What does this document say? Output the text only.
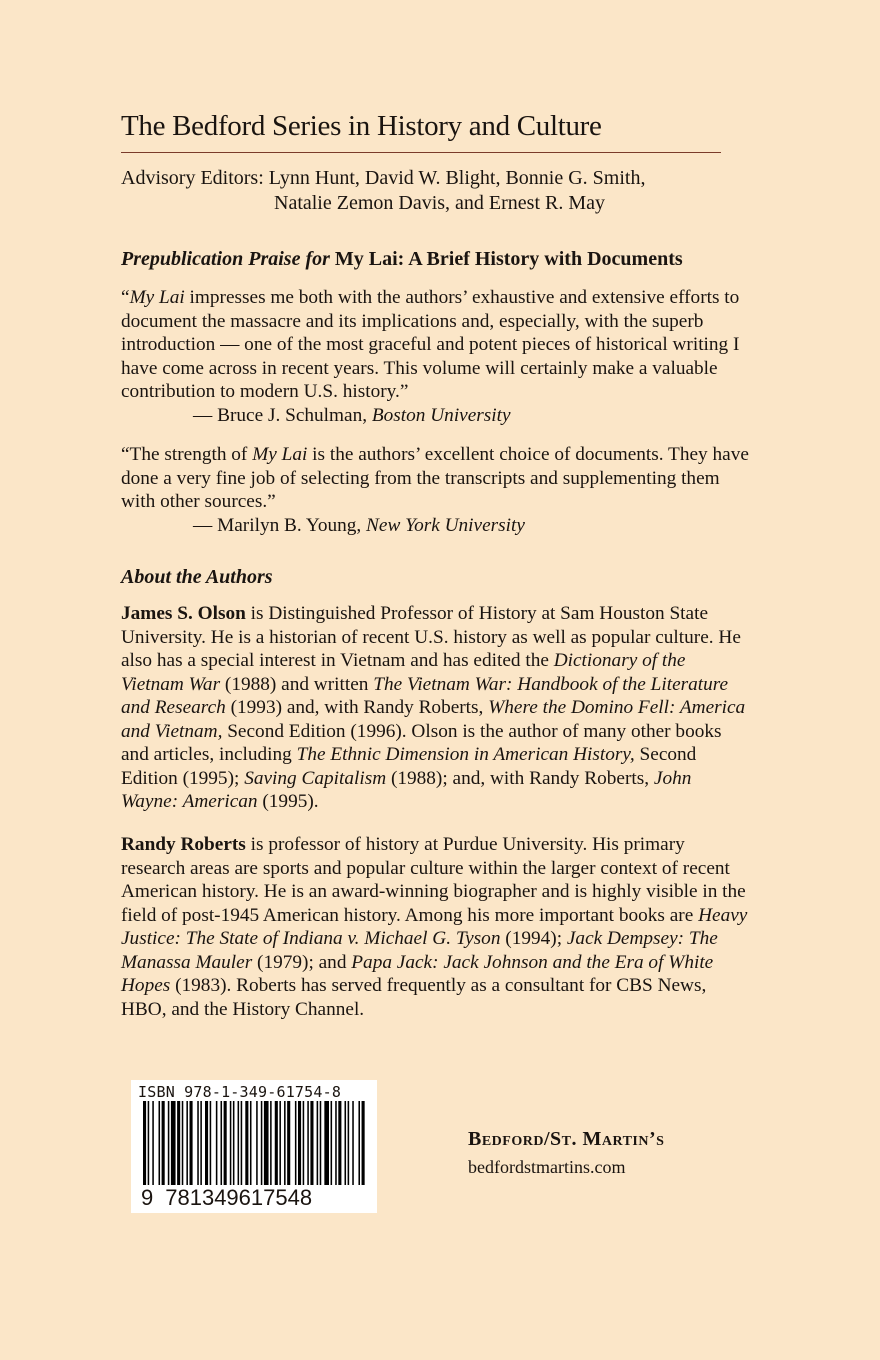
The Bedford Series in History and Culture
Advisory Editors: Lynn Hunt, David W. Blight, Bonnie G. Smith,
Natalie Zemon Davis, and Ernest R. May
Prepublication Praise for My Lai: A Brief History with Documents
“My Lai impresses me both with the authors’ exhaustive and extensive efforts to document the massacre and its implications and, especially, with the superb introduction — one of the most graceful and potent pieces of historical writing I have come across in recent years. This volume will certainly make a valuable contribution to modern U.S. history.”
— Bruce J. Schulman, Boston University
“The strength of My Lai is the authors’ excellent choice of documents. They have done a very fine job of selecting from the transcripts and supplementing them with other sources.”
— Marilyn B. Young, New York University
About the Authors
James S. Olson is Distinguished Professor of History at Sam Houston State University. He is a historian of recent U.S. history as well as popular culture. He also has a special interest in Vietnam and has edited the Dictionary of the Vietnam War (1988) and written The Vietnam War: Handbook of the Literature and Research (1993) and, with Randy Roberts, Where the Domino Fell: America and Vietnam, Second Edition (1996). Olson is the author of many other books and articles, including The Ethnic Dimension in American History, Second Edition (1995); Saving Capitalism (1988); and, with Randy Roberts, John Wayne: American (1995).
Randy Roberts is professor of history at Purdue University. His primary research areas are sports and popular culture within the larger context of recent American history. He is an award-winning biographer and is highly visible in the field of post-1945 American history. Among his more important books are Heavy Justice: The State of Indiana v. Michael G. Tyson (1994); Jack Dempsey: The Manassa Mauler (1979); and Papa Jack: Jack Johnson and the Era of White Hopes (1983). Roberts has served frequently as a consultant for CBS News, HBO, and the History Channel.
ISBN 978-1-349-61754-8
9 781349617548
Bedford/St. Martin’s
bedfordstmartins.com
